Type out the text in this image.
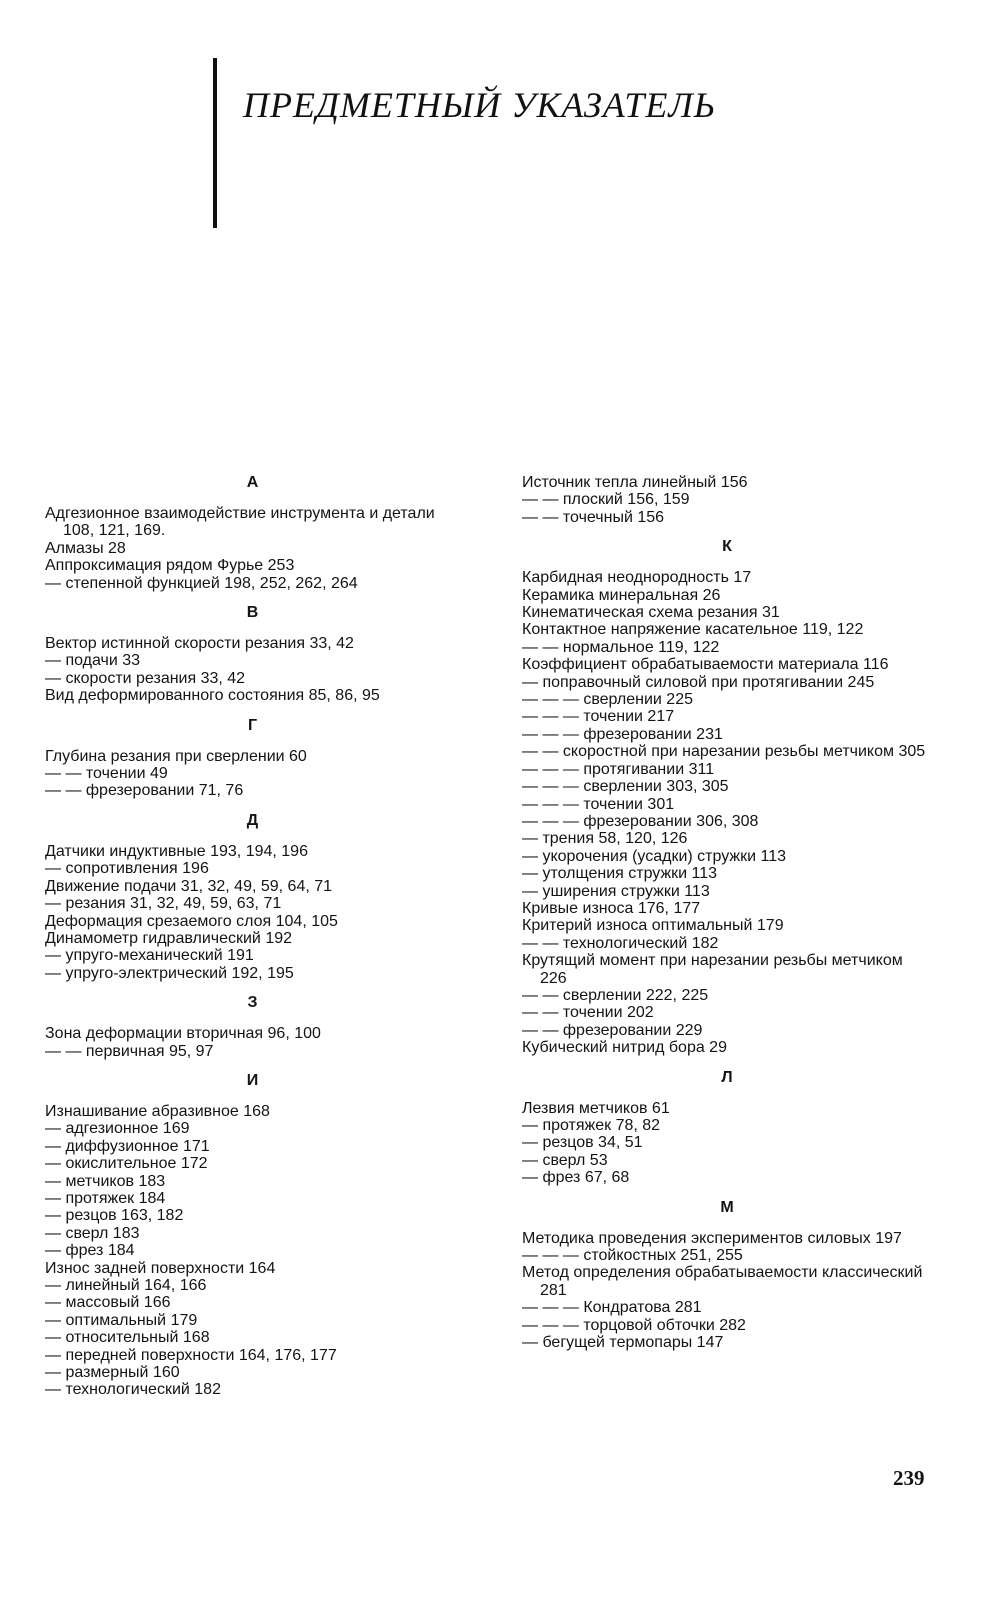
ПРЕДМЕТНЫЙ УКАЗАТЕЛЬ
А
Адгезионное взаимодействие инструмента и детали 108, 121, 169.
Алмазы 28
Аппроксимация рядом Фурье 253
— степенной функцией 198, 252, 262, 264
В
Вектор истинной скорости резания 33, 42
— подачи 33
— скорости резания 33, 42
Вид деформированного состояния 85, 86, 95
Г
Глубина резания при сверлении 60
— — точении 49
— — фрезеровании 71, 76
Д
Датчики индуктивные 193, 194, 196
— сопротивления 196
Движение подачи 31, 32, 49, 59, 64, 71
— резания 31, 32, 49, 59, 63, 71
Деформация срезаемого слоя 104, 105
Динамометр гидравлический 192
— упруго-механический 191
— упруго-электрический 192, 195
З
Зона деформации вторичная 96, 100
— — первичная 95, 97
И
Изнашивание абразивное 168
— адгезионное 169
— диффузионное 171
— окислительное 172
— метчиков 183
— протяжек 184
— резцов 163, 182
— сверл 183
— фрез 184
Износ задней поверхности 164
— линейный 164, 166
— массовый 166
— оптимальный 179
— относительный 168
— передней поверхности 164, 176, 177
— размерный 160
— технологический 182
Источник тепла линейный 156
— — плоский 156, 159
— — точечный 156
К
Карбидная неоднородность 17
Керамика минеральная 26
Кинематическая схема резания 31
Контактное напряжение касательное 119, 122
— — нормальное 119, 122
Коэффициент обрабатываемости материала 116
— поправочный силовой при протягивании 245
— — — сверлении 225
— — — точении 217
— — — фрезеровании 231
— — скоростной при нарезании резьбы метчиком 305
— — — протягивании 311
— — — сверлении 303, 305
— — — точении 301
— — — фрезеровании 306, 308
— трения 58, 120, 126
— укорочения (усадки) стружки 113
— утолщения стружки 113
— уширения стружки 113
Кривые износа 176, 177
Критерий износа оптимальный 179
— — технологический 182
Крутящий момент при нарезании резьбы метчиком 226
— — сверлении 222, 225
— — точении 202
— — фрезеровании 229
Кубический нитрид бора 29
Л
Лезвия метчиков 61
— протяжек 78, 82
— резцов 34, 51
— сверл 53
— фрез 67, 68
М
Методика проведения экспериментов силовых 197
— — — стойкостных 251, 255
Метод определения обрабатываемости классический 281
— — — Кондратова 281
— — — торцовой обточки 282
— бегущей термопары 147
239
